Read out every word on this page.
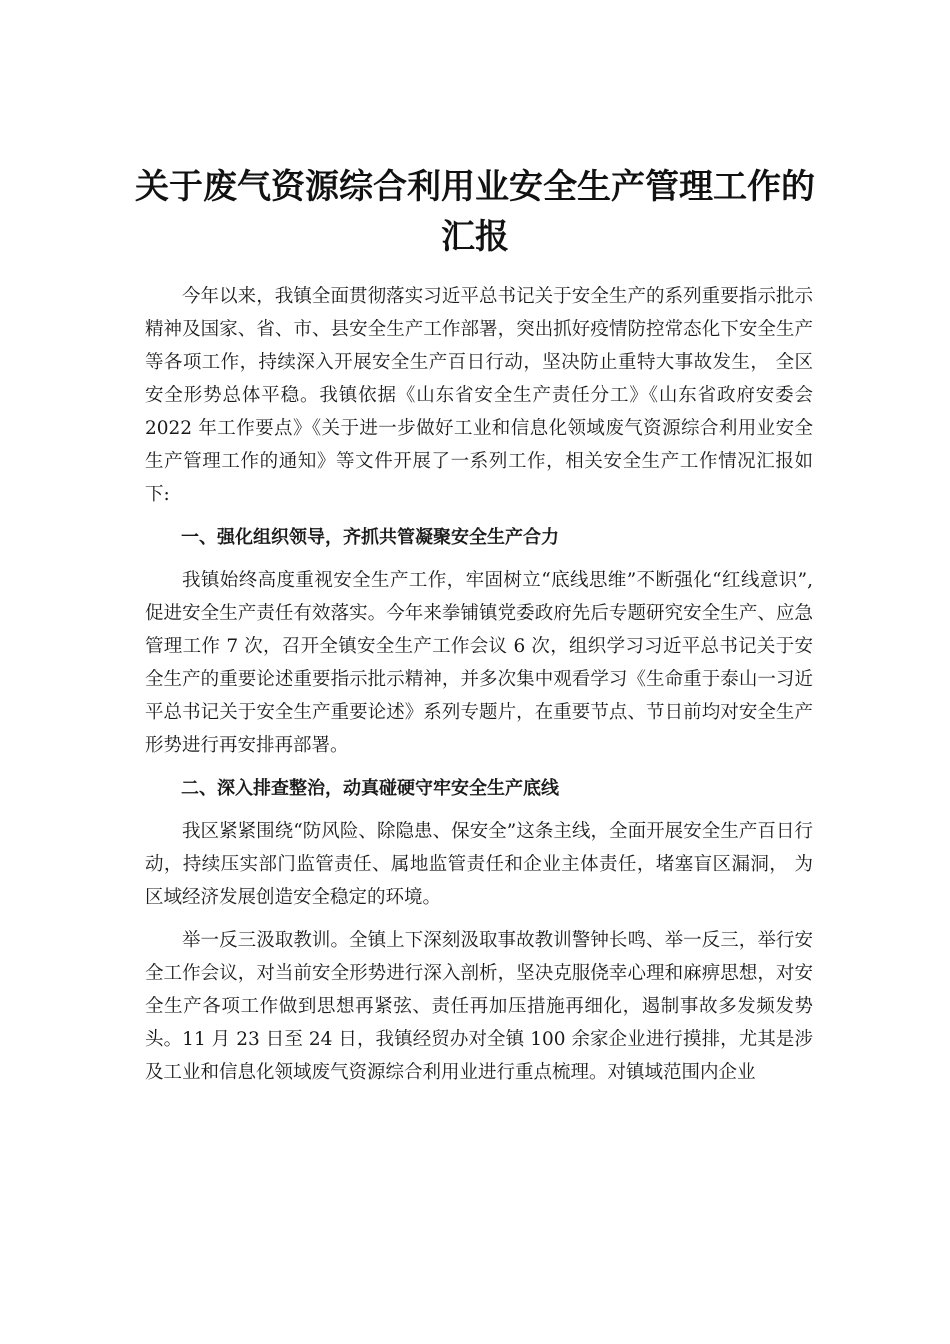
关于废气资源综合利用业安全生产管理工作的汇报

今年以来，我镇全面贯彻落实习近平总书记关于安全生产的系列重要指示批示精神及国家、省、市、县安全生产工作部署，突出抓好疫情防控常态化下安全生产等各项工作，持续深入开展安全生产百日行动，坚决防止重特大事故发生， 全区安全形势总体平稳。我镇依据《山东省安全生产责任分工》《山东省政府安委会2022 年工作要点》《关于进一步做好工业和信息化领域废气资源综合利用业安全生产管理工作的通知》等文件开展了一系列工作，相关安全生产工作情况汇报如下:

一、强化组织领导，齐抓共管凝聚安全生产合力

我镇始终高度重视安全生产工作，牢固树立“底线思维”不断强化“红线意识”,促进安全生产责任有效落实。今年来拳铺镇党委政府先后专题研究安全生产、应急管理工作 7 次，召开全镇安全生产工作会议 6 次，组织学习习近平总书记关于安全生产的重要论述重要指示批示精神，并多次集中观看学习《生命重于泰山一习近平总书记关于安全生产重要论述》系列专题片，在重要节点、节日前均对安全生产形势进行再安排再部署。

二、深入排查整治，动真碰硬守牢安全生产底线

我区紧紧围绕“防风险、除隐患、保安全”这条主线，全面开展安全生产百日行动，持续压实部门监管责任、属地监管责任和企业主体责任，堵塞盲区漏洞， 为区域经济发展创造安全稳定的环境。

举一反三汲取教训。全镇上下深刻汲取事故教训警钟长鸣、举一反三，举行安全工作会议，对当前安全形势进行深入剖析，坚决克服侥幸心理和麻痹思想，对安全生产各项工作做到思想再紧弦、责任再加压措施再细化，遏制事故多发频发势头。11 月 23 日至 24 日，我镇经贸办对全镇 100 余家企业进行摸排，尤其是涉及工业和信息化领域废气资源综合利用业进行重点梳理。对镇域范围内企业
